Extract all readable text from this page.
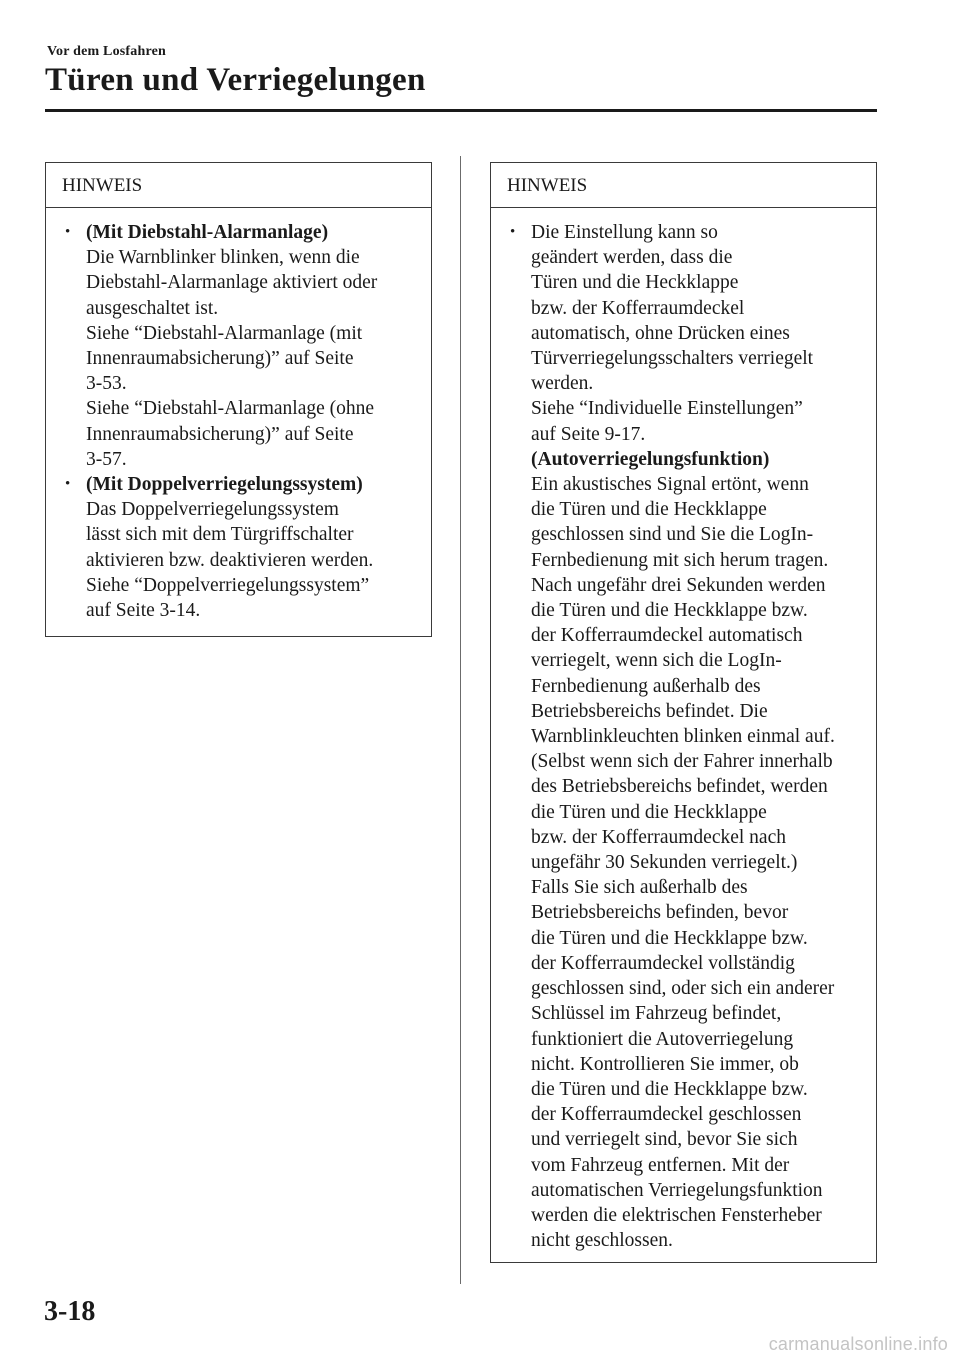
Vor dem Losfahren
Türen und Verriegelungen
HINWEIS
• (Mit Diebstahl-Alarmanlage)
Die Warnblinker blinken, wenn die
Diebstahl-Alarmanlage aktiviert oder
ausgeschaltet ist.
Siehe “Diebstahl-Alarmanlage (mit
Innenraumabsicherung)” auf Seite
3-53.
Siehe “Diebstahl-Alarmanlage (ohne
Innenraumabsicherung)” auf Seite
3-57.
• (Mit Doppelverriegelungssystem)
Das Doppelverriegelungssystem
lässt sich mit dem Türgriffschalter
aktivieren bzw. deaktivieren werden.
Siehe “Doppelverriegelungssystem”
auf Seite 3-14.
HINWEIS
• Die Einstellung kann so
geändert werden, dass die
Türen und die Heckklappe
bzw. der Kofferraumdeckel
automatisch, ohne Drücken eines
Türverriegelungsschalters verriegelt
werden.
Siehe “Individuelle Einstellungen”
auf Seite 9-17.
(Autoverriegelungsfunktion)
Ein akustisches Signal ertönt, wenn
die Türen und die Heckklappe
geschlossen sind und Sie die LogIn-
Fernbedienung mit sich herum tragen.
Nach ungefähr drei Sekunden werden
die Türen und die Heckklappe bzw.
der Kofferraumdeckel automatisch
verriegelt, wenn sich die LogIn-
Fernbedienung außerhalb des
Betriebsbereichs befindet. Die
Warnblinkleuchten blinken einmal auf.
(Selbst wenn sich der Fahrer innerhalb
des Betriebsbereichs befindet, werden
die Türen und die Heckklappe
bzw. der Kofferraumdeckel nach
ungefähr 30 Sekunden verriegelt.)
Falls Sie sich außerhalb des
Betriebsbereichs befinden, bevor
die Türen und die Heckklappe bzw.
der Kofferraumdeckel vollständig
geschlossen sind, oder sich ein anderer
Schlüssel im Fahrzeug befindet,
funktioniert die Autoverriegelung
nicht. Kontrollieren Sie immer, ob
die Türen und die Heckklappe bzw.
der Kofferraumdeckel geschlossen
und verriegelt sind, bevor Sie sich
vom Fahrzeug entfernen. Mit der
automatischen Verriegelungsfunktion
werden die elektrischen Fensterheber
nicht geschlossen.
3-18
carmanualsonline.info
